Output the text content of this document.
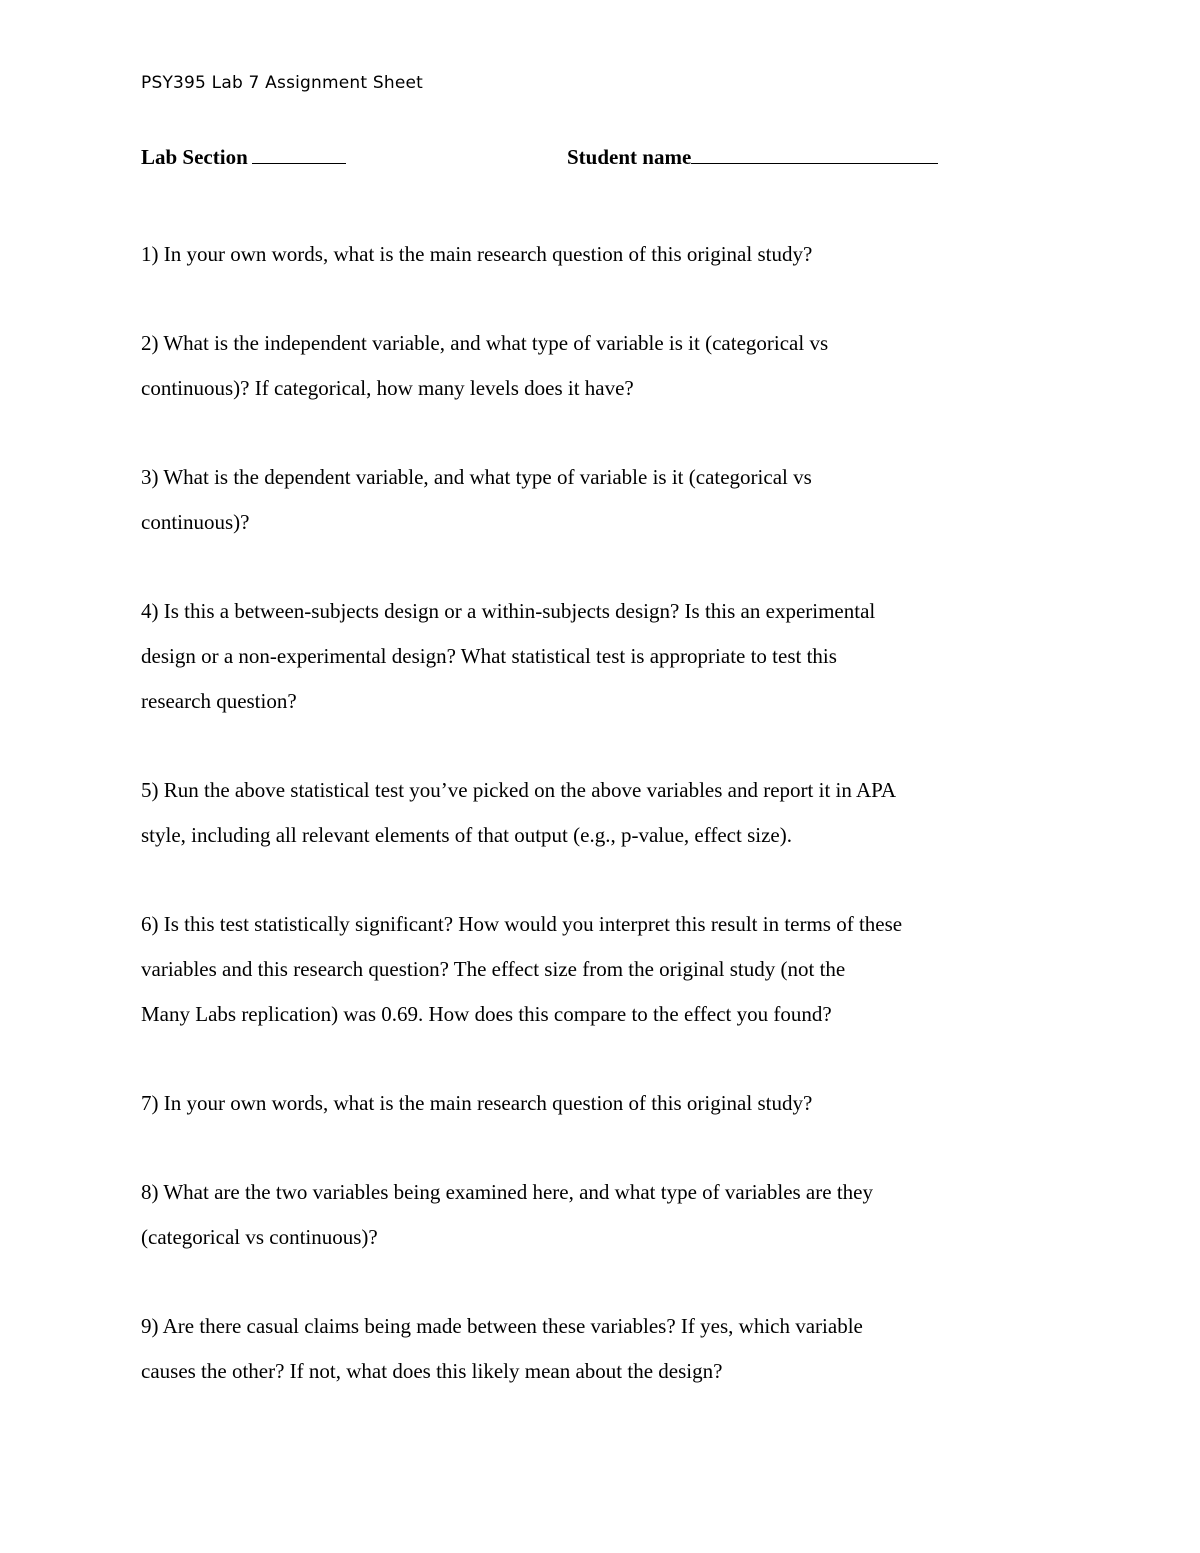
PSY395 Lab 7 Assignment Sheet
Lab Section	Student name
1) In your own words, what is the main research question of this original study?
2) What is the independent variable, and what type of variable is it (categorical vs
continuous)? If categorical, how many levels does it have?
3) What is the dependent variable, and what type of variable is it (categorical vs
continuous)?
4) Is this a between-subjects design or a within-subjects design? Is this an experimental
design or a non-experimental design? What statistical test is appropriate to test this
research question?
5) Run the above statistical test you’ve picked on the above variables and report it in APA
style, including all relevant elements of that output (e.g., p-value, effect size).
6) Is this test statistically significant? How would you interpret this result in terms of these
variables and this research question? The effect size from the original study (not the
Many Labs replication) was 0.69. How does this compare to the effect you found?
7) In your own words, what is the main research question of this original study?
8) What are the two variables being examined here, and what type of variables are they
(categorical vs continuous)?
9) Are there casual claims being made between these variables? If yes, which variable
causes the other? If not, what does this likely mean about the design?
